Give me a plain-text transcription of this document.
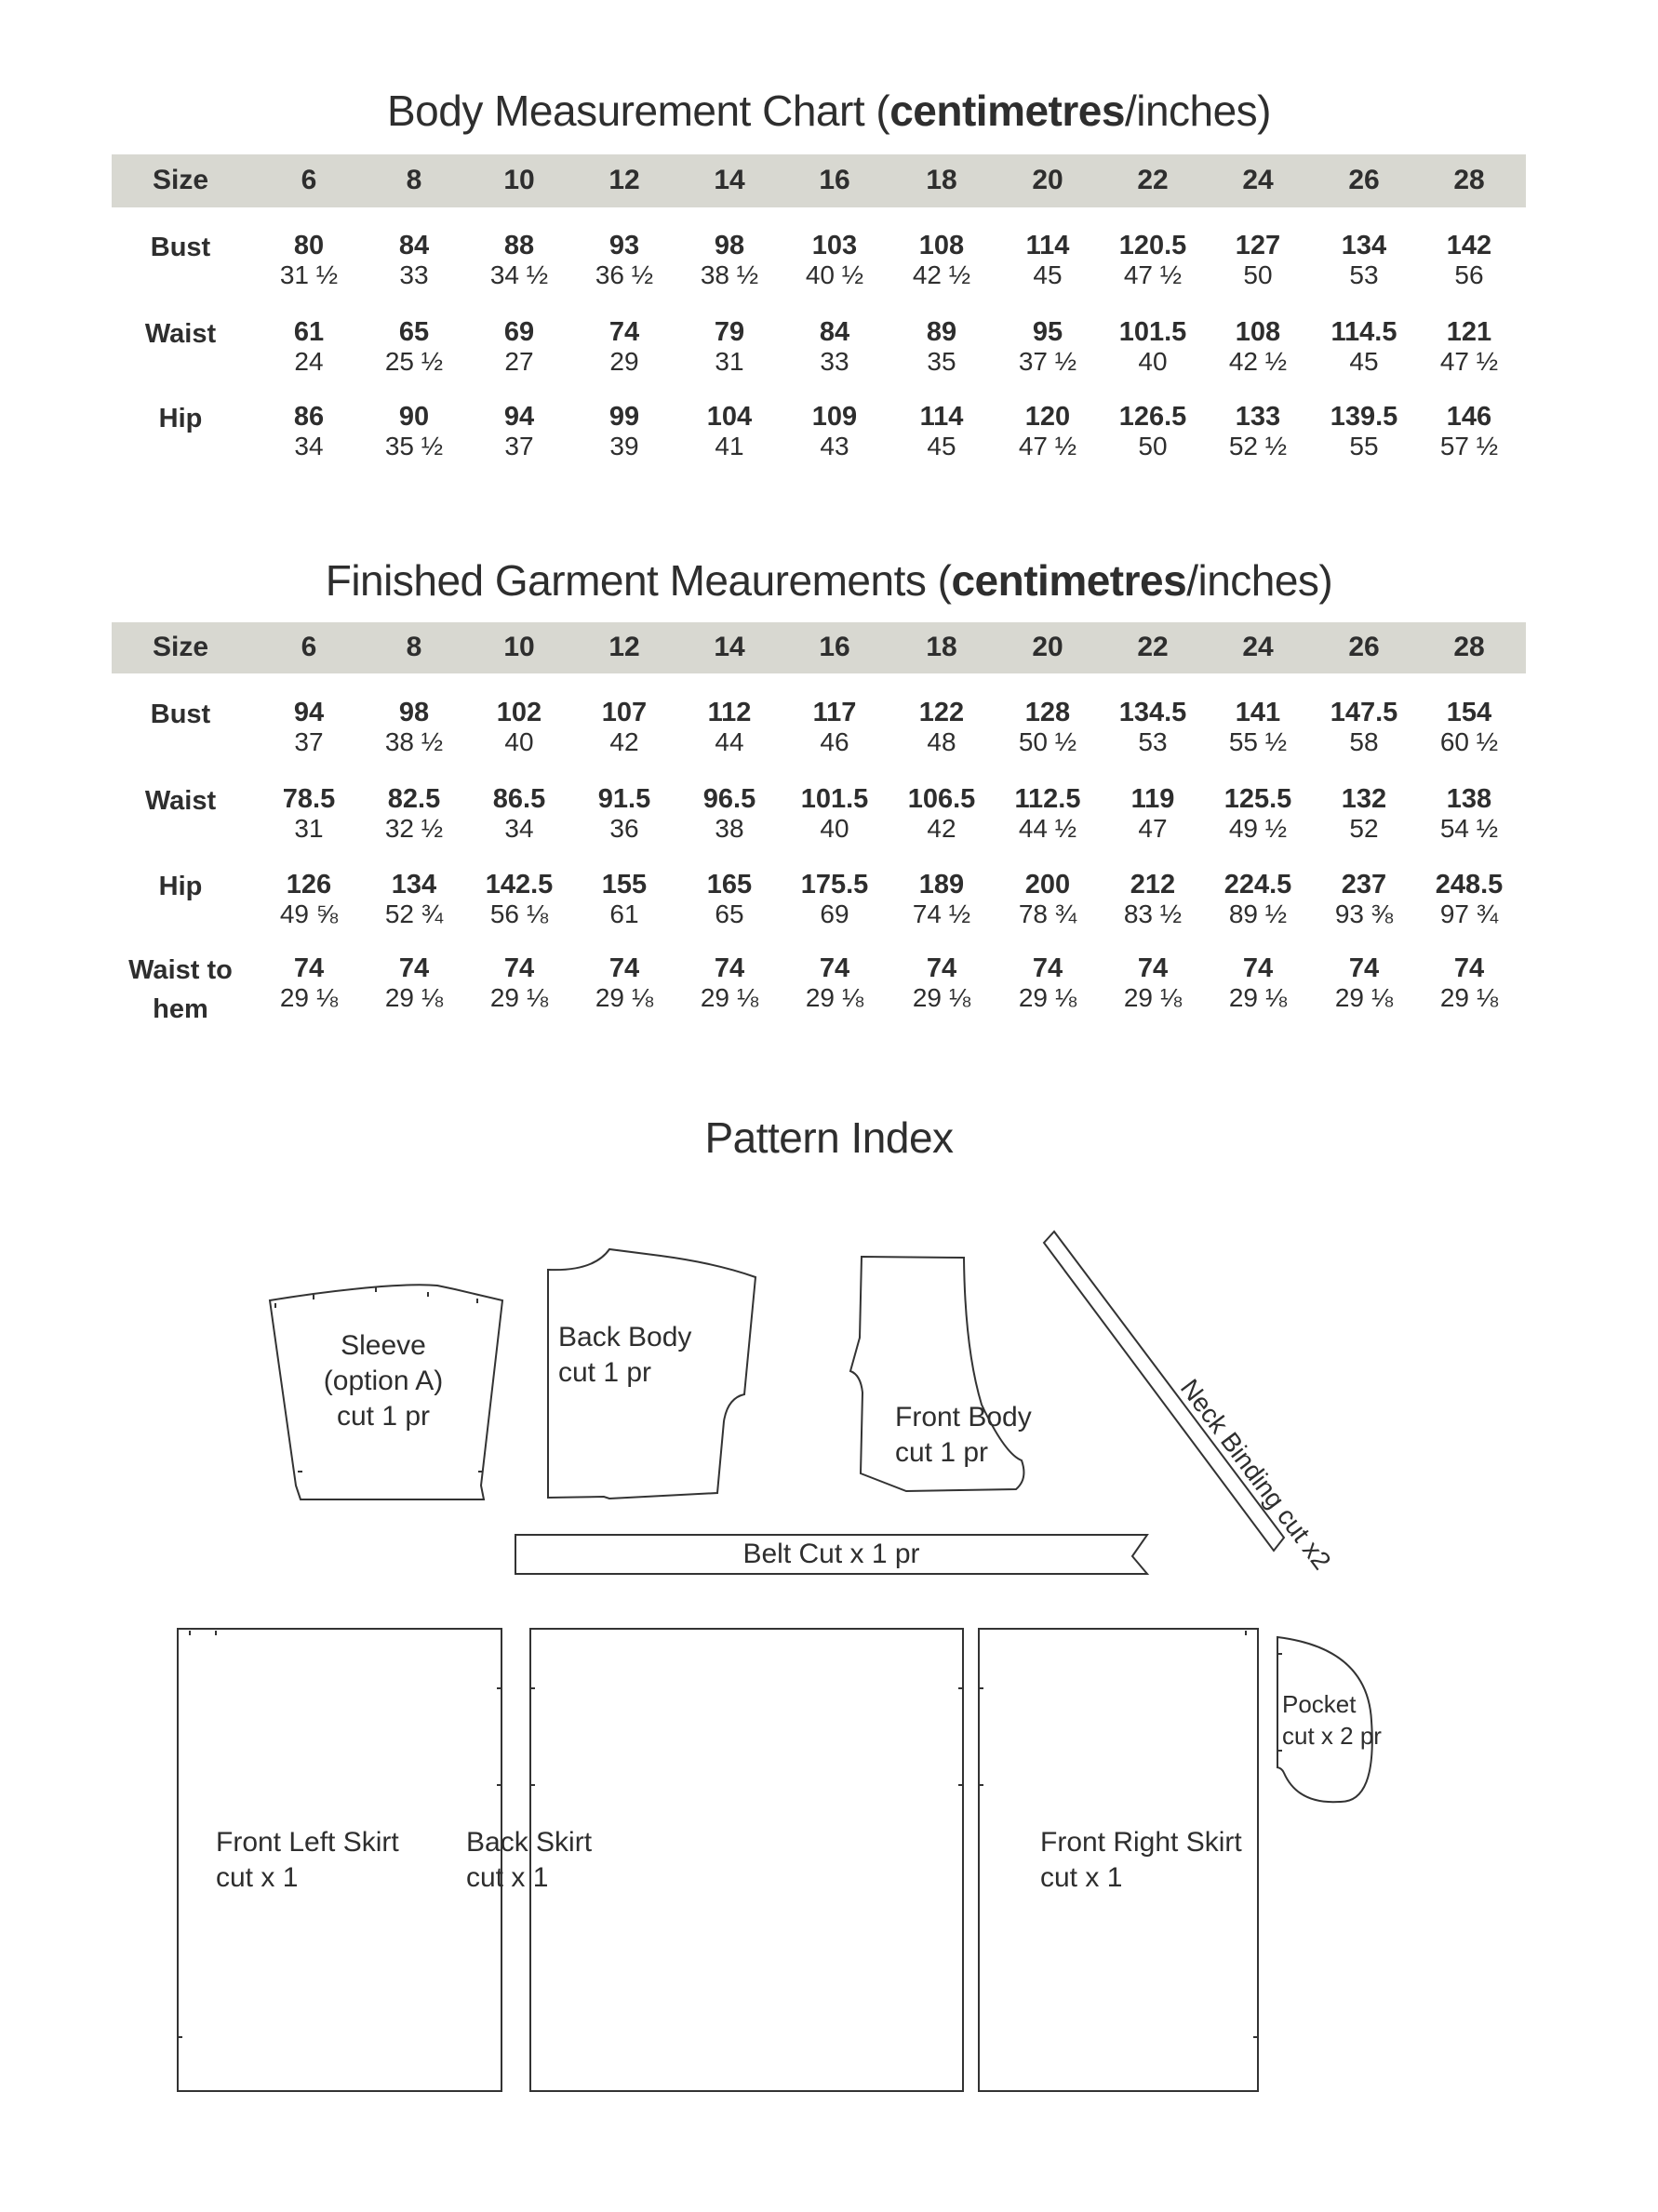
Body Measurement Chart (centimetres/inches)
Size	6	8	10	12	14	16	18	20	22	24	26	28
Bust	80	84	88	93	98	103	108	114	120.5	127	134	142
31 ½	33	34 ½	36 ½	38 ½	40 ½	42 ½	45	47 ½	50	53	56
Waist	61	65	69	74	79	84	89	95	101.5	108	114.5	121
24	25 ½	27	29	31	33	35	37 ½	40	42 ½	45	47 ½
Hip	86	90	94	99	104	109	114	120	126.5	133	139.5	146
34	35 ½	37	39	41	43	45	47 ½	50	52 ½	55	57 ½
Finished Garment Meaurements (centimetres/inches)
Size	6	8	10	12	14	16	18	20	22	24	26	28
Bust	94	98	102	107	112	117	122	128	134.5	141	147.5	154
37	38 ½	40	42	44	46	48	50 ½	53	55 ½	58	60 ½
Waist	78.5	82.5	86.5	91.5	96.5	101.5	106.5	112.5	119	125.5	132	138
31	32 ½	34	36	38	40	42	44 ½	47	49 ½	52	54 ½
Hip	126	134	142.5	155	165	175.5	189	200	212	224.5	237	248.5
49 ⅝	52 ¾	56 ⅛	61	65	69	74 ½	78 ¾	83 ½	89 ½	93 ⅜	97 ¾
Waist to
hem
74	74	74	74	74	74	74	74	74	74	74	74
29 ⅛	29 ⅛	29 ⅛	29 ⅛	29 ⅛	29 ⅛	29 ⅛	29 ⅛	29 ⅛	29 ⅛	29 ⅛	29 ⅛
Pattern Index
Sleeve
(option A)
cut 1 pr
Back Body
cut 1 pr
Front Body
cut 1 pr	Neck Binding cut x2
Belt Cut x 1 pr
Front Left Skirt
cut x 1
Back Skirt
cut x 1
Front Right Skirt
cut x 1
Pocket
cut x 2 pr
